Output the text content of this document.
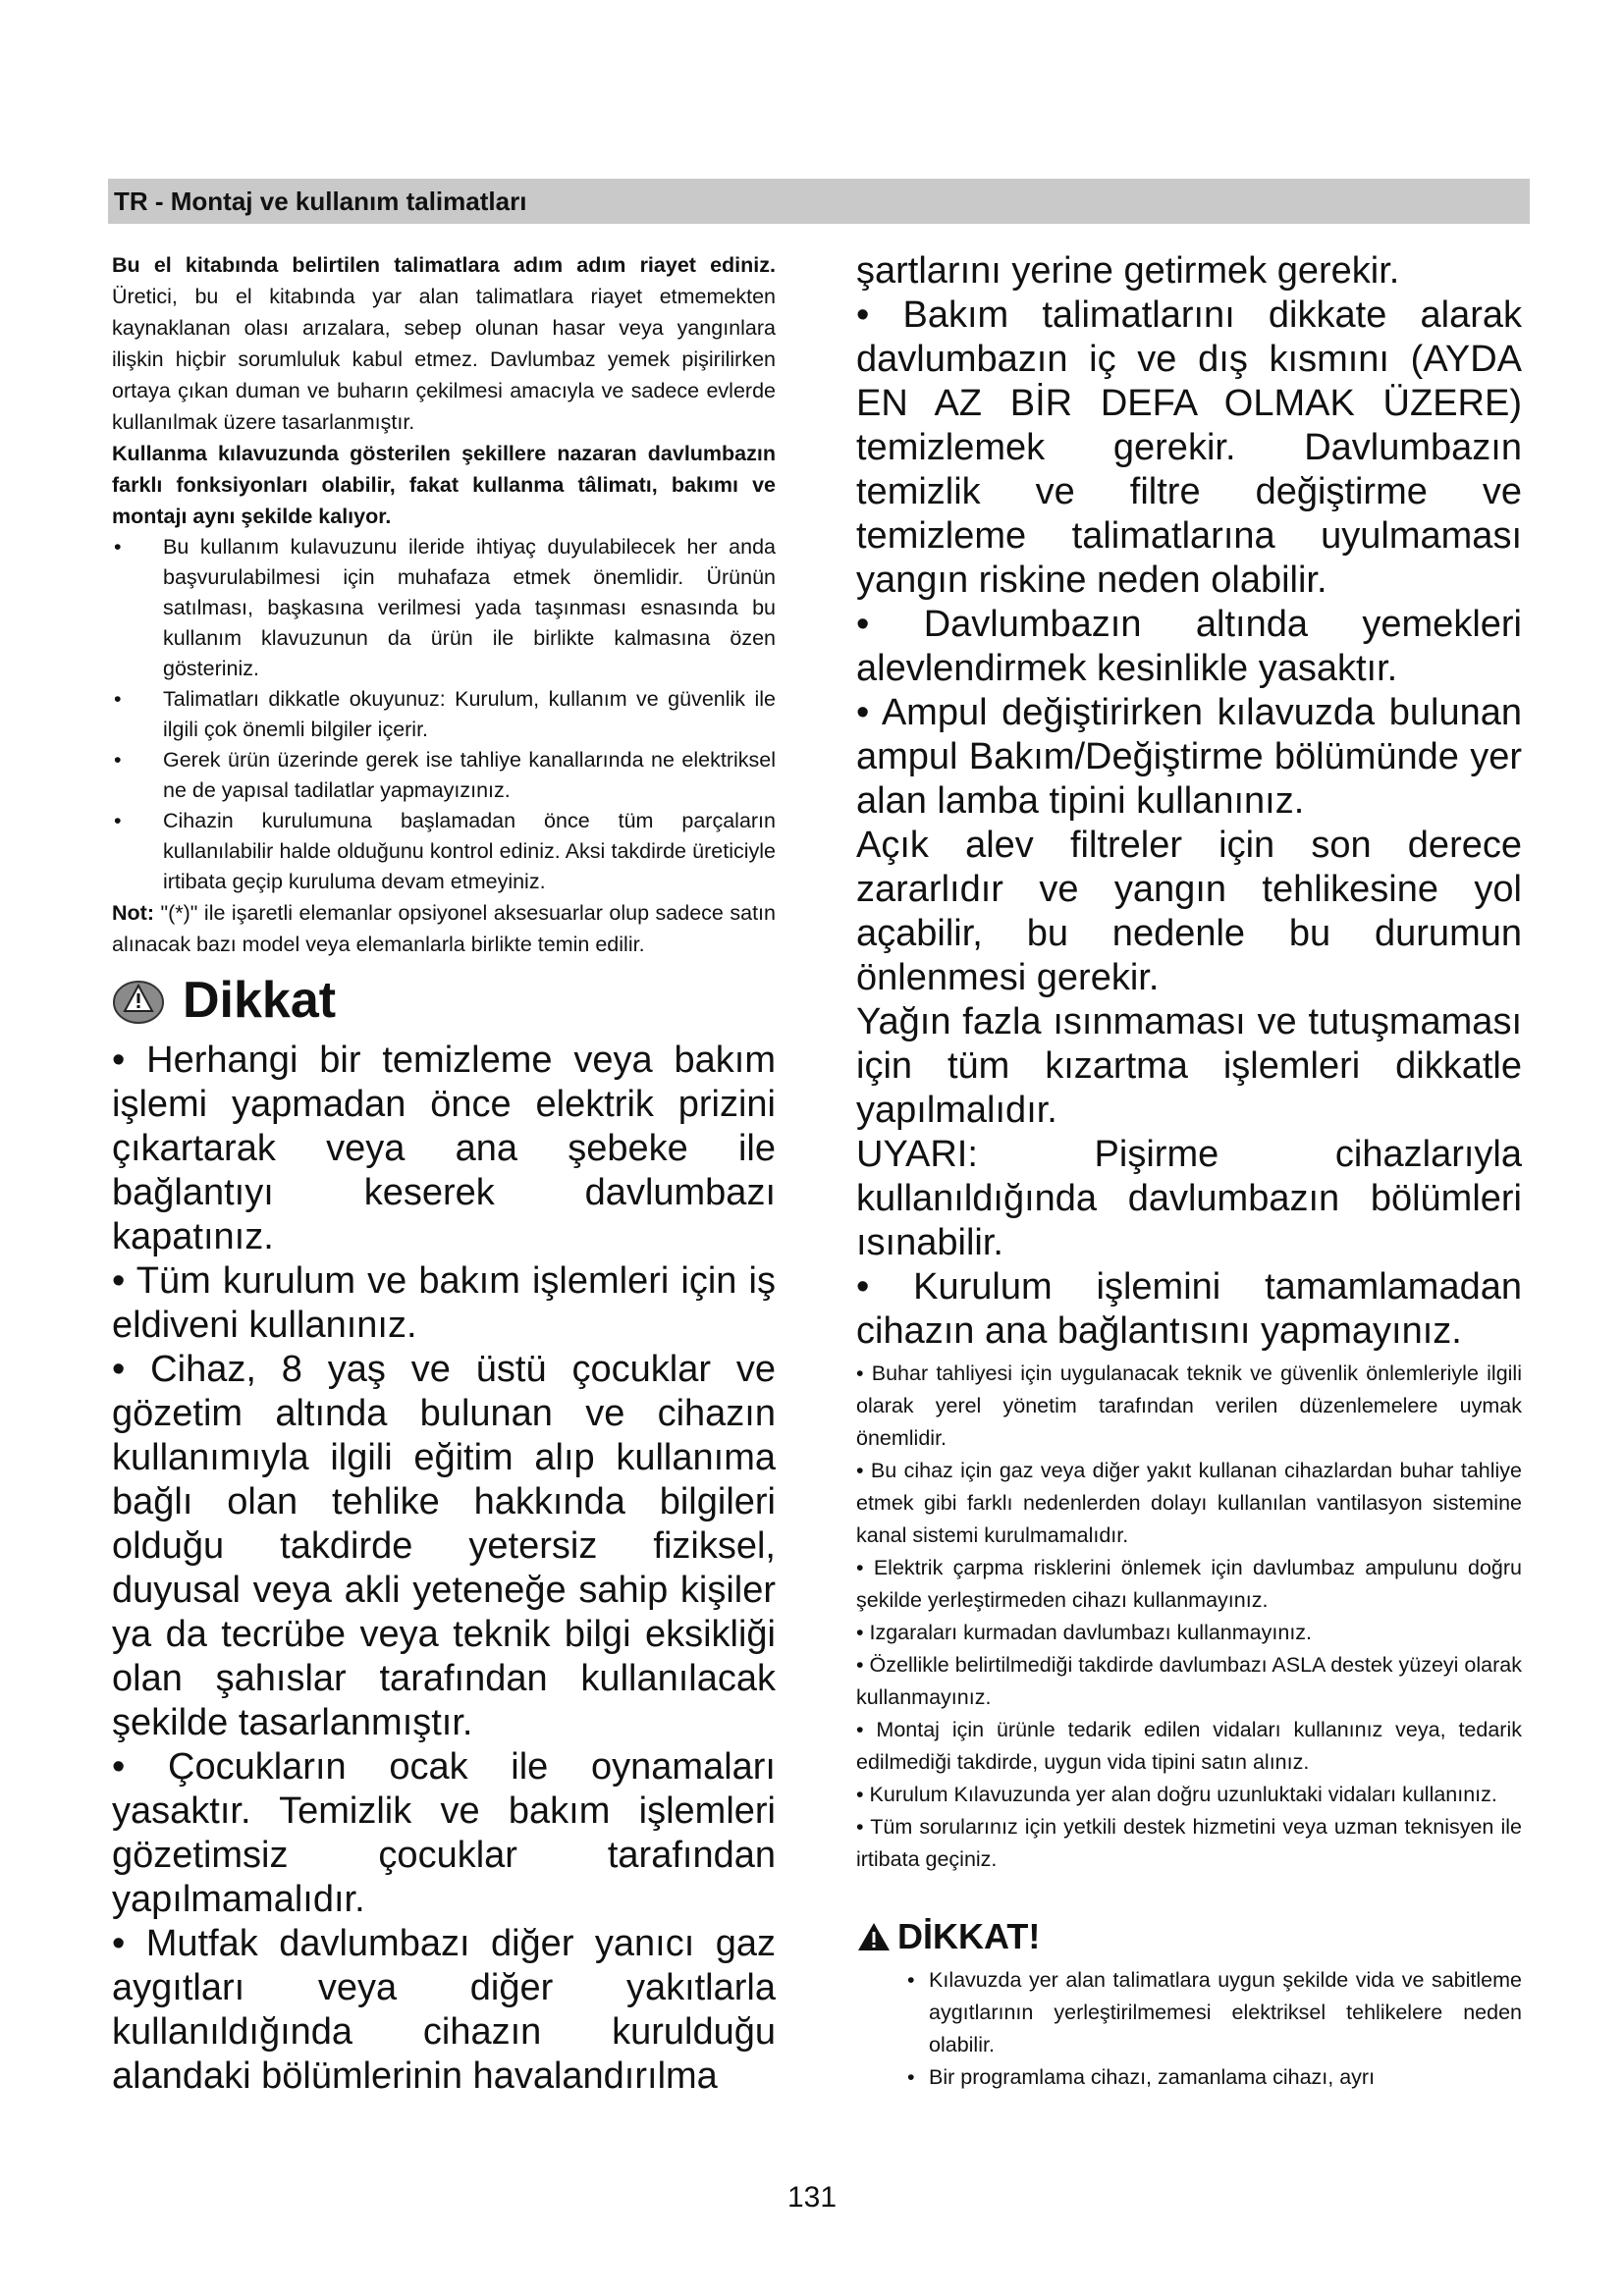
TR - Montaj ve kullanım talimatları

Bu el kitabında belirtilen talimatlara adım adım riayet ediniz. Üretici, bu el kitabında yar alan talimatlara riayet etmemekten kaynaklanan olası arızalara, sebep olunan hasar veya yangınlara ilişkin hiçbir sorumluluk kabul etmez. Davlumbaz yemek pişirilirken ortaya çıkan duman ve buharın çekilmesi amacıyla ve sadece evlerde kullanılmak üzere tasarlanmıştır.

Kullanma kılavuzunda gösterilen şekillere nazaran davlumbazın farklı fonksiyonları olabilir, fakat kullanma tâlimatı, bakımı ve montajı aynı şekilde kalıyor.

• Bu kullanım kulavuzunu ileride ihtiyaç duyulabilecek her anda başvurulabilmesi için muhafaza etmek önemlidir. Ürünün satılması, başkasına verilmesi yada taşınması esnasında bu kullanım klavuzunun da ürün ile birlikte kalmasına özen gösteriniz.
• Talimatları dikkatle okuyunuz: Kurulum, kullanım ve güvenlik ile ilgili çok önemli bilgiler içerir.
• Gerek ürün üzerinde gerek ise tahliye kanallarında ne elektriksel ne de yapısal tadilatlar yapmayızınız.
• Cihazin kurulumuna başlamadan önce tüm parçaların kullanılabilir halde olduğunu kontrol ediniz. Aksi takdirde üreticiyle irtibata geçip kuruluma devam etmeyiniz.

Not: "(*)" ile işaretli elemanlar opsiyonel aksesuarlar olup sadece satın alınacak bazı model veya elemanlarla birlikte temin edilir.

Dikkat

• Herhangi bir temizleme veya bakım işlemi yapmadan önce elektrik prizini çıkartarak veya ana şebeke ile bağlantıyı keserek davlumbazı kapatınız.

• Tüm kurulum ve bakım işlemleri için iş eldiveni kullanınız.

• Cihaz, 8 yaş ve üstü çocuklar ve gözetim altında bulunan ve cihazın kullanımıyla ilgili eğitim alıp kullanıma bağlı olan tehlike hakkında bilgileri olduğu takdirde yetersiz fiziksel, duyusal veya akli yeteneğe sahip kişiler ya da tecrübe veya teknik bilgi eksikliği olan şahıslar tarafından kullanılacak şekilde tasarlanmıştır.

• Çocukların ocak ile oynamaları yasaktır. Temizlik ve bakım işlemleri gözetimsiz çocuklar tarafından yapılmamalıdır.

• Mutfak davlumbazı diğer yanıcı gaz aygıtları veya diğer yakıtlarla kullanıldığında cihazın kurulduğu alandaki bölümlerinin havalandırılma

şartlarını yerine getirmek gerekir.

• Bakım talimatlarını dikkate alarak davlumbazın iç ve dış kısmını (AYDA EN AZ BİR DEFA OLMAK ÜZERE) temizlemek gerekir. Davlumbazın temizlik ve filtre değiştirme ve temizleme talimatlarına uyulmaması yangın riskine neden olabilir.

• Davlumbazın altında yemekleri alevlendirmek kesinlikle yasaktır.

• Ampul değiştirirken kılavuzda bulunan ampul Bakım/Değiştirme bölümünde yer alan lamba tipini kullanınız.

Açık alev filtreler için son derece zararlıdır ve yangın tehlikesine yol açabilir, bu nedenle bu durumun önlenmesi gerekir.

Yağın fazla ısınmaması ve tutuşmaması için tüm kızartma işlemleri dikkatle yapılmalıdır.

UYARI: Pişirme cihazlarıyla kullanıldığında davlumbazın bölümleri ısınabilir.

• Kurulum işlemini tamamlamadan cihazın ana bağlantısını yapmayınız.

• Buhar tahliyesi için uygulanacak teknik ve güvenlik önlemleriyle ilgili olarak yerel yönetim tarafından verilen düzenlemelere uymak önemlidir.
• Bu cihaz için gaz veya diğer yakıt kullanan cihazlardan buhar tahliye etmek gibi farklı nedenlerden dolayı kullanılan vantilasyon sistemine kanal sistemi kurulmamalıdır.
• Elektrik çarpma risklerini önlemek için davlumbaz ampulunu doğru şekilde yerleştirmeden cihazı kullanmayınız.
• Izgaraları kurmadan davlumbazı kullanmayınız.
• Özellikle belirtilmediği takdirde davlumbazı ASLA destek yüzeyi olarak kullanmayınız.
• Montaj için ürünle tedarik edilen vidaları kullanınız veya, tedarik edilmediği takdirde, uygun vida tipini satın alınız.
• Kurulum Kılavuzunda yer alan doğru uzunluktaki vidaları kullanınız.
• Tüm sorularınız için yetkili destek hizmetini veya uzman teknisyen ile irtibata geçiniz.
DİKKAT!
• Kılavuzda yer alan talimatlara uygun şekilde vida ve sabitleme aygıtlarının yerleştirilmemesi elektriksel tehlikelere neden olabilir.
• Bir programlama cihazı, zamanlama cihazı, ayrı
131
